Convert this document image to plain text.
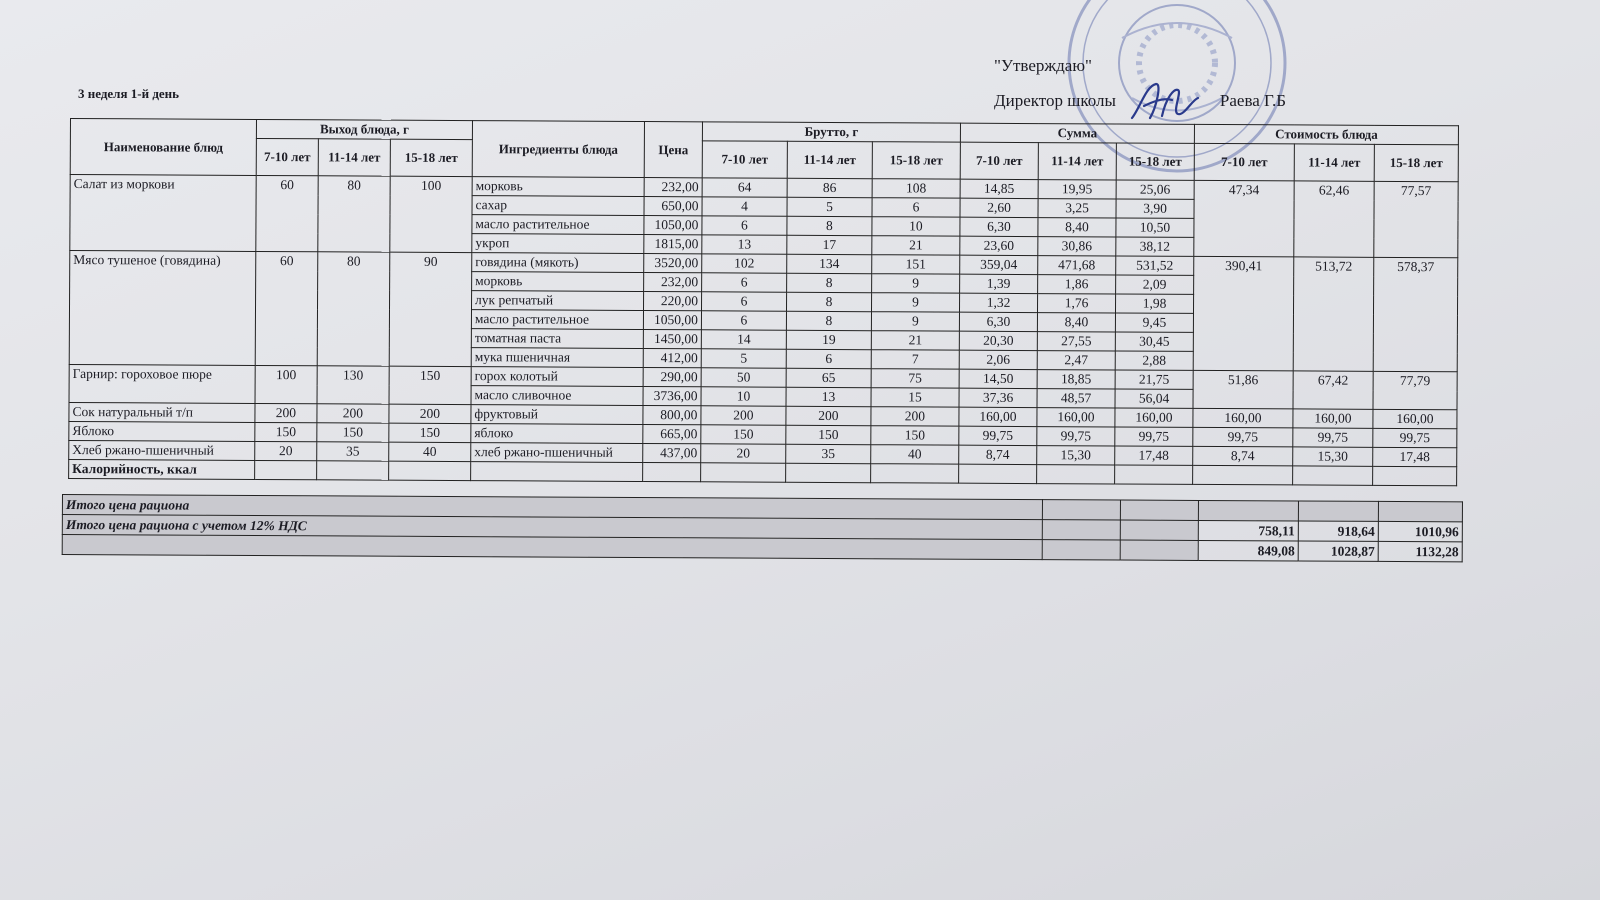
3 неделя 1-й день
"Утверждаю"
Директор школы	Раева Г.Б
Наименование блюд	Выход блюда, г			Ингредиенты блюда	Цена	Брутто, г			Сумма			Стоимость блюда		
	7-10 лет	11-14 лет	15-18 лет			7-10 лет	11-14 лет	15-18 лет	7-10 лет	11-14 лет	15-18 лет	7-10 лет	11-14 лет	15-18 лет
Салат из моркови	60	80	100	морковь	232,00	64	86	108	14,85	19,95	25,06	47,34	62,46	77,57
				сахар	650,00	4	5	6	2,60	3,25	3,90			
				масло растительное	1050,00	6	8	10	6,30	8,40	10,50			
				укроп	1815,00	13	17	21	23,60	30,86	38,12			
Мясо тушеное (говядина)	60	80	90	говядина (мякоть)	3520,00	102	134	151	359,04	471,68	531,52	390,41	513,72	578,37
				морковь	232,00	6	8	9	1,39	1,86	2,09			
				лук репчатый	220,00	6	8	9	1,32	1,76	1,98			
				масло растительное	1050,00	6	8	9	6,30	8,40	9,45			
				томатная паста	1450,00	14	19	21	20,30	27,55	30,45			
				мука пшеничная	412,00	5	6	7	2,06	2,47	2,88			
Гарнир: гороховое пюре	100	130	150	горох колотый	290,00	50	65	75	14,50	18,85	21,75	51,86	67,42	77,79
				масло сливочное	3736,00	10	13	15	37,36	48,57	56,04			
Сок натуральный т/п	200	200	200	фруктовый	800,00	200	200	200	160,00	160,00	160,00	160,00	160,00	160,00
Яблоко	150	150	150	яблоко	665,00	150	150	150	99,75	99,75	99,75	99,75	99,75	99,75
Хлеб ржано-пшеничный	20	35	40	хлеб ржано-пшеничный	437,00	20	35	40	8,74	15,30	17,48	8,74	15,30	17,48
Калорийность, ккал														
Итого цена рациона					
Итого цена рациона с учетом 12% НДС			758,11	918,64	1010,96
			849,08	1028,87	1132,28
